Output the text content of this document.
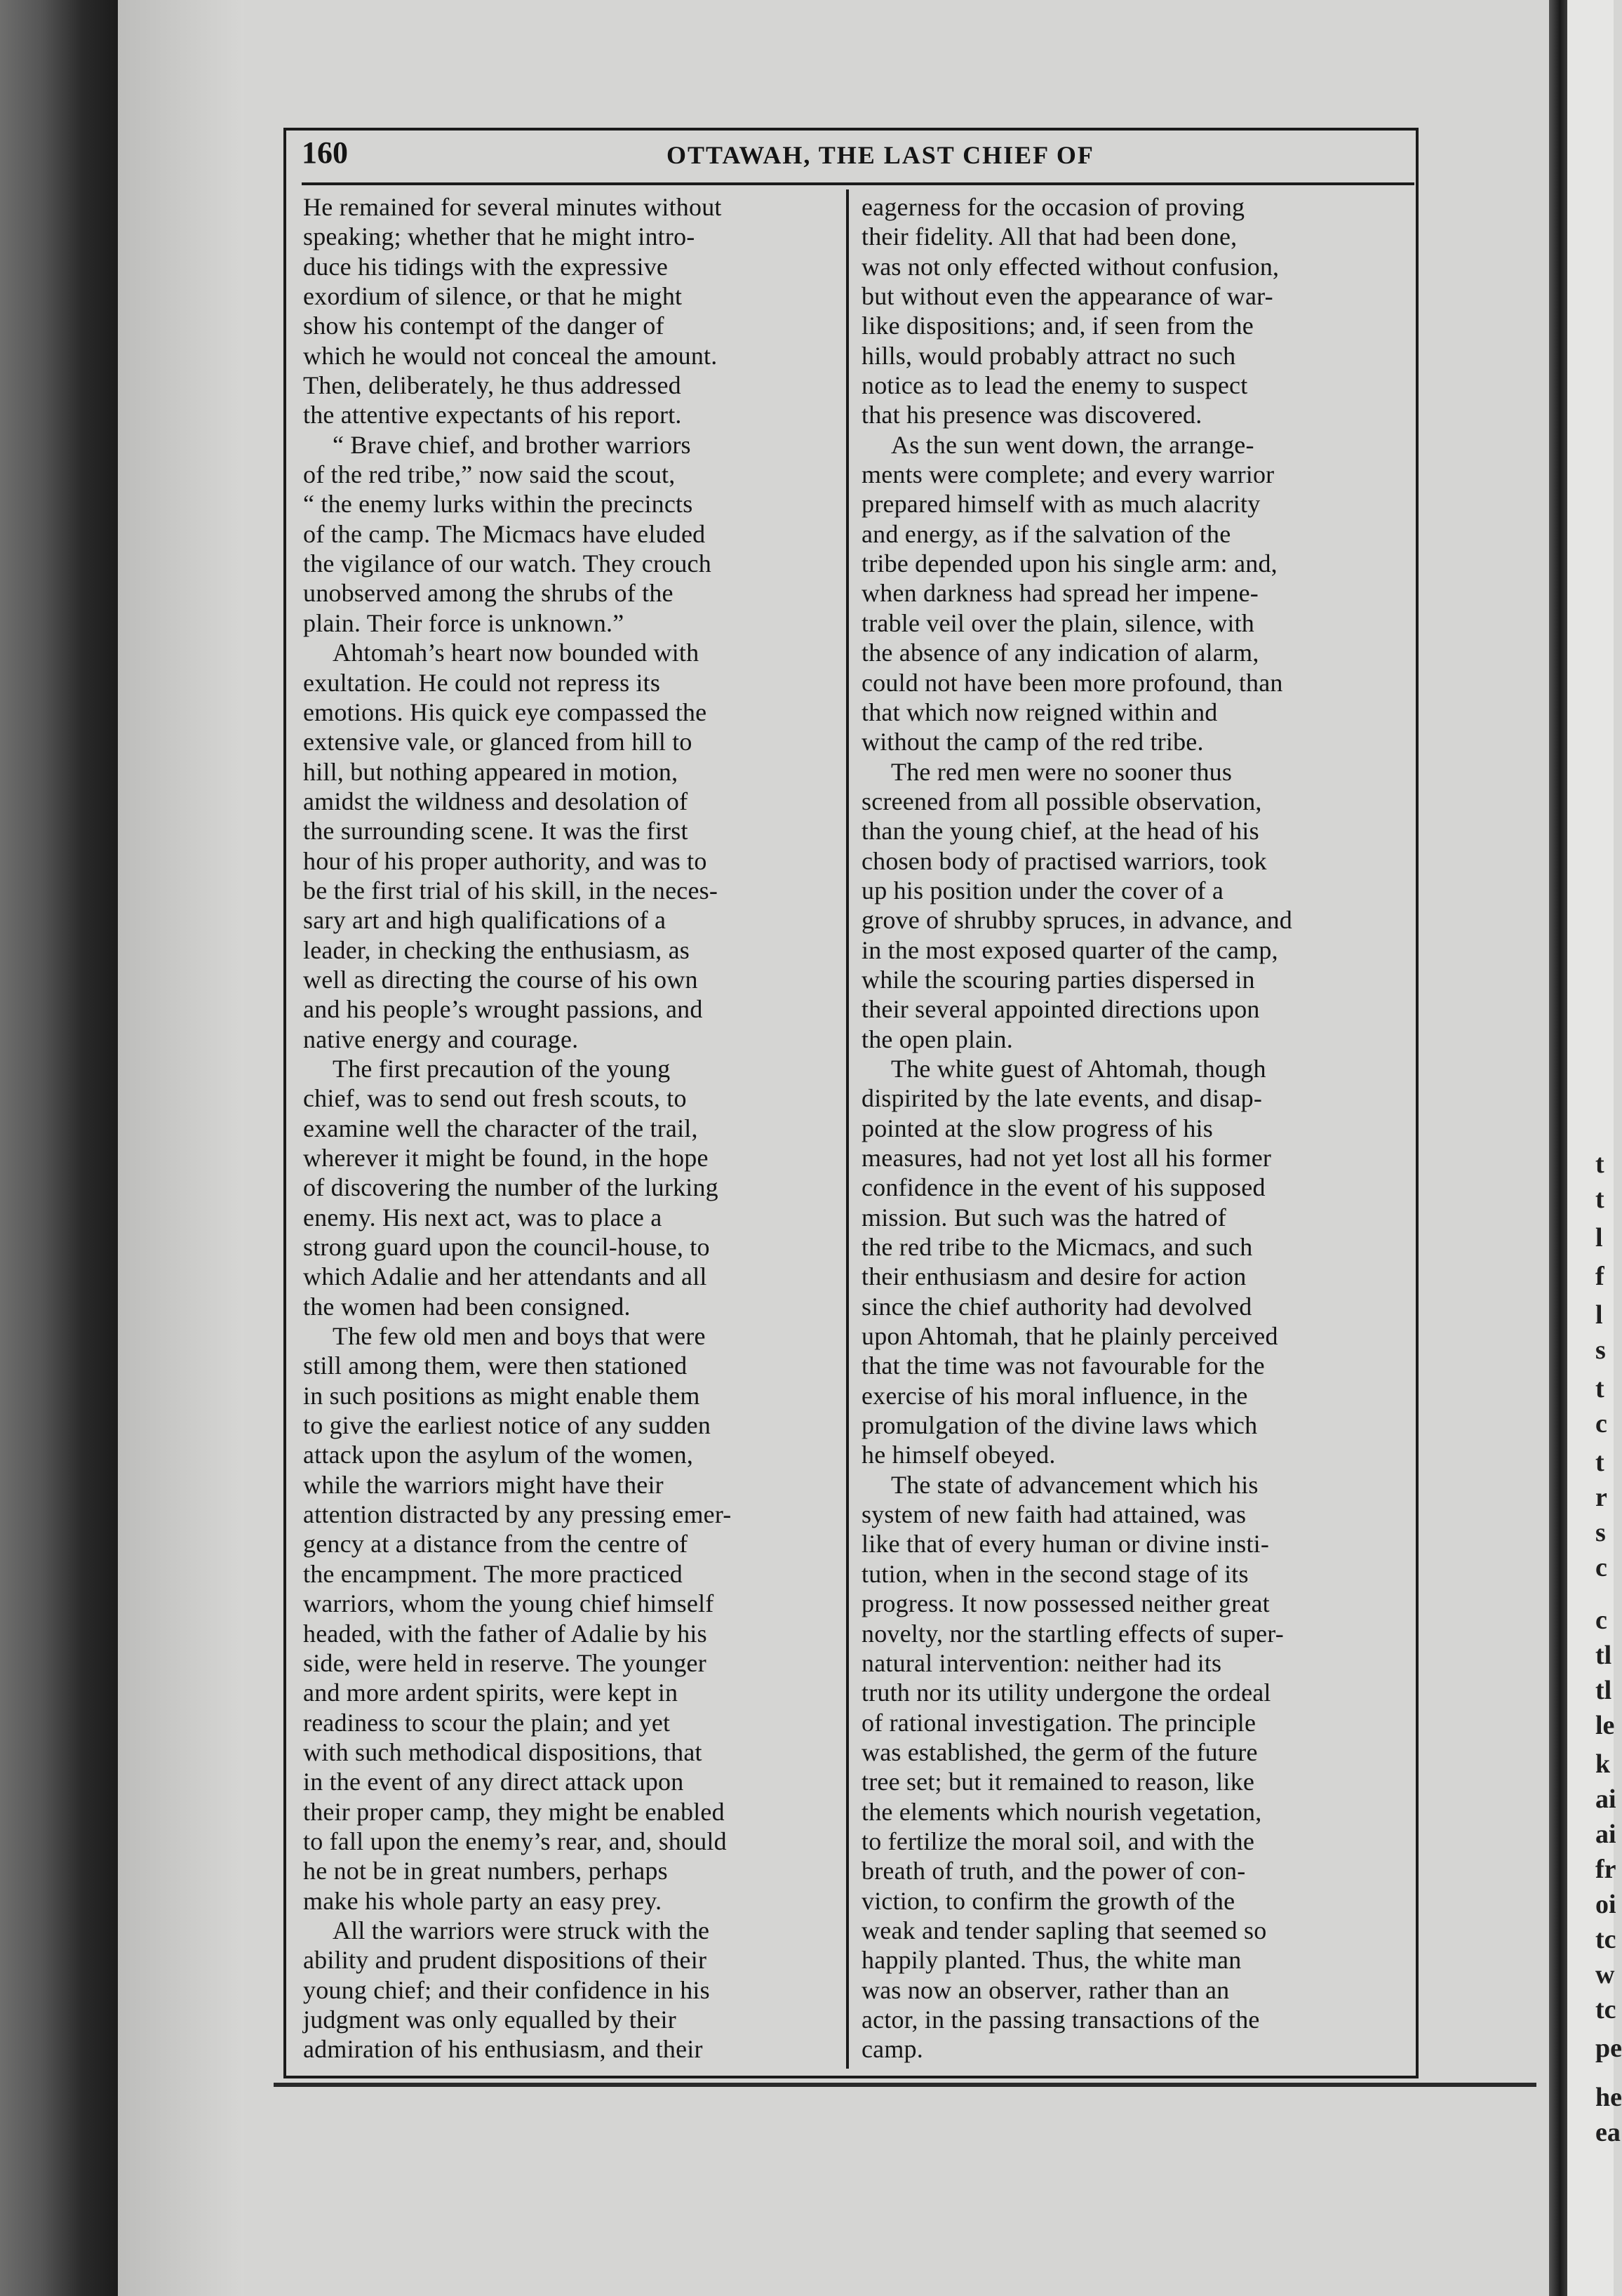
t
t
l
f
l
s
t
c
t
r
s
c
c
tl
tl
le
k
ai
ai
fr
oi
tc
w
tc
pe
he
ea
160	OTTAWAH, THE LAST CHIEF OF
He remained for several minutes without
speaking; whether that he might intro-
duce his tidings with the expressive
exordium of silence, or that he might
show his contempt of the danger of
which he would not conceal the amount.
Then, deliberately, he thus addressed
the attentive expectants of his report.
“ Brave chief, and brother warriors
of the red tribe,” now said the scout,
“ the enemy lurks within the precincts
of the camp. The Micmacs have eluded
the vigilance of our watch. They crouch
unobserved among the shrubs of the
plain. Their force is unknown.”
Ahtomah’s heart now bounded with
exultation. He could not repress its
emotions. His quick eye compassed the
extensive vale, or glanced from hill to
hill, but nothing appeared in motion,
amidst the wildness and desolation of
the surrounding scene. It was the first
hour of his proper authority, and was to
be the first trial of his skill, in the neces-
sary art and high qualifications of a
leader, in checking the enthusiasm, as
well as directing the course of his own
and his people’s wrought passions, and
native energy and courage.
The first precaution of the young
chief, was to send out fresh scouts, to
examine well the character of the trail,
wherever it might be found, in the hope
of discovering the number of the lurking
enemy. His next act, was to place a
strong guard upon the council-house, to
which Adalie and her attendants and all
the women had been consigned.
The few old men and boys that were
still among them, were then stationed
in such positions as might enable them
to give the earliest notice of any sudden
attack upon the asylum of the women,
while the warriors might have their
attention distracted by any pressing emer-
gency at a distance from the centre of
the encampment. The more practiced
warriors, whom the young chief himself
headed, with the father of Adalie by his
side, were held in reserve. The younger
and more ardent spirits, were kept in
readiness to scour the plain; and yet
with such methodical dispositions, that
in the event of any direct attack upon
their proper camp, they might be enabled
to fall upon the enemy’s rear, and, should
he not be in great numbers, perhaps
make his whole party an easy prey.
All the warriors were struck with the
ability and prudent dispositions of their
young chief; and their confidence in his
judgment was only equalled by their
admiration of his enthusiasm, and their
eagerness for the occasion of proving
their fidelity. All that had been done,
was not only effected without confusion,
but without even the appearance of war-
like dispositions; and, if seen from the
hills, would probably attract no such
notice as to lead the enemy to suspect
that his presence was discovered.
As the sun went down, the arrange-
ments were complete; and every warrior
prepared himself with as much alacrity
and energy, as if the salvation of the
tribe depended upon his single arm: and,
when darkness had spread her impene-
trable veil over the plain, silence, with
the absence of any indication of alarm,
could not have been more profound, than
that which now reigned within and
without the camp of the red tribe.
The red men were no sooner thus
screened from all possible observation,
than the young chief, at the head of his
chosen body of practised warriors, took
up his position under the cover of a
grove of shrubby spruces, in advance, and
in the most exposed quarter of the camp,
while the scouring parties dispersed in
their several appointed directions upon
the open plain.
The white guest of Ahtomah, though
dispirited by the late events, and disap-
pointed at the slow progress of his
measures, had not yet lost all his former
confidence in the event of his supposed
mission. But such was the hatred of
the red tribe to the Micmacs, and such
their enthusiasm and desire for action
since the chief authority had devolved
upon Ahtomah, that he plainly perceived
that the time was not favourable for the
exercise of his moral influence, in the
promulgation of the divine laws which
he himself obeyed.
The state of advancement which his
system of new faith had attained, was
like that of every human or divine insti-
tution, when in the second stage of its
progress. It now possessed neither great
novelty, nor the startling effects of super-
natural intervention: neither had its
truth nor its utility undergone the ordeal
of rational investigation. The principle
was established, the germ of the future
tree set; but it remained to reason, like
the elements which nourish vegetation,
to fertilize the moral soil, and with the
breath of truth, and the power of con-
viction, to confirm the growth of the
weak and tender sapling that seemed so
happily planted. Thus, the white man
was now an observer, rather than an
actor, in the passing transactions of the
camp.
